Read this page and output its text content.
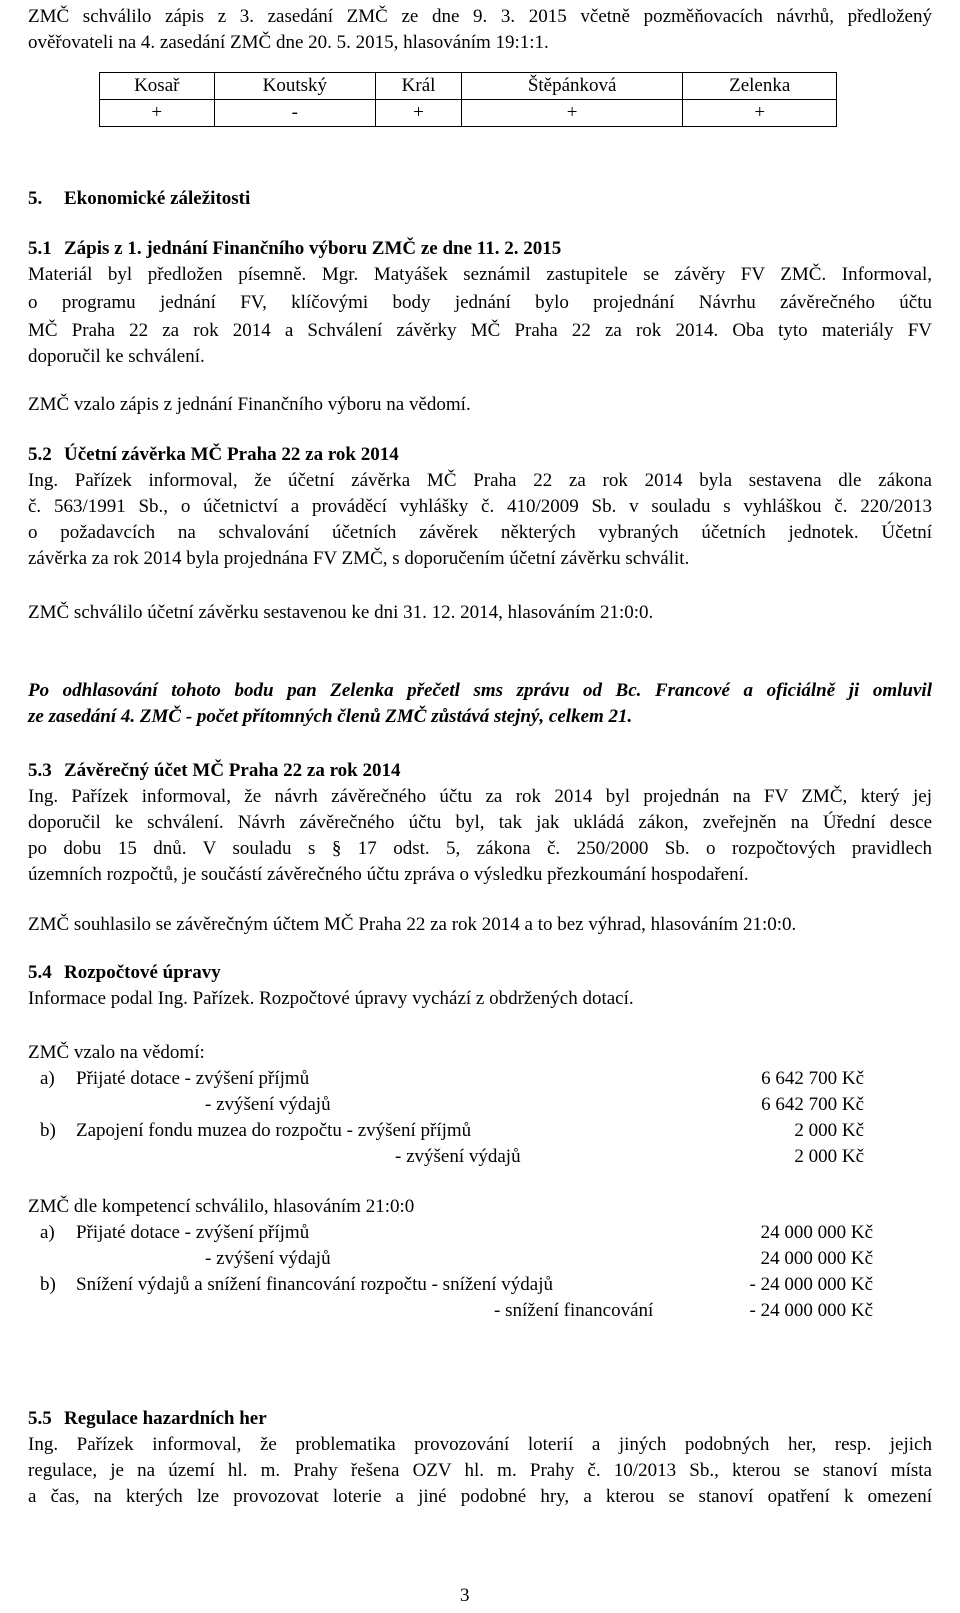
ZMČ schválilo zápis z 3. zasedání ZMČ ze dne 9. 3. 2015 včetně pozměňovacích návrhů, předložený
ověřovateli na 4. zasedání ZMČ dne 20. 5. 2015, hlasováním 19:1:1.
Kosař	Koutský	Král	Štěpánková	Zelenka
+	-	+	+	+
5. Ekonomické záležitosti
5.1 Zápis z 1. jednání Finančního výboru ZMČ ze dne 11. 2. 2015
Materiál byl předložen písemně. Mgr. Matyášek seznámil zastupitele se závěry FV ZMČ. Informoval,
o programu jednání FV, klíčovými body jednání bylo projednání Návrhu závěrečného účtu
MČ Praha 22 za rok 2014 a Schválení závěrky MČ Praha 22 za rok 2014. Oba tyto materiály FV
doporučil ke schválení.
ZMČ vzalo zápis z jednání Finančního výboru na vědomí.
5.2 Účetní závěrka MČ Praha 22 za rok 2014
Ing. Pařízek informoval, že účetní závěrka MČ Praha 22 za rok 2014 byla sestavena dle zákona
č. 563/1991 Sb., o účetnictví a prováděcí vyhlášky č. 410/2009 Sb. v souladu s vyhláškou č. 220/2013
o požadavcích na schvalování účetních závěrek některých vybraných účetních jednotek. Účetní
závěrka za rok 2014 byla projednána FV ZMČ, s doporučením účetní závěrku schválit.
ZMČ schválilo účetní závěrku sestavenou ke dni 31. 12. 2014, hlasováním 21:0:0.
Po odhlasování tohoto bodu pan Zelenka přečetl sms zprávu od Bc. Francové a oficiálně ji omluvil
ze zasedání 4. ZMČ - počet přítomných členů ZMČ zůstává stejný, celkem 21.
5.3 Závěrečný účet MČ Praha 22 za rok 2014
Ing. Pařízek informoval, že návrh závěrečného účtu za rok 2014 byl projednán na FV ZMČ, který jej
doporučil ke schválení. Návrh závěrečného účtu byl, tak jak ukládá zákon, zveřejněn na Úřední desce
po dobu 15 dnů. V souladu s § 17 odst. 5, zákona č. 250/2000 Sb. o rozpočtových pravidlech
územních rozpočtů, je součástí závěrečného účtu zpráva o výsledku přezkoumání hospodaření.
ZMČ souhlasilo se závěrečným účtem MČ Praha 22 za rok 2014 a to bez výhrad, hlasováním 21:0:0.
5.4 Rozpočtové úpravy
Informace podal Ing. Pařízek. Rozpočtové úpravy vychází z obdržených dotací.
ZMČ vzalo na vědomí:
a) Přijaté dotace - zvýšení příjmů	6 642 700 Kč
- zvýšení výdajů	6 642 700 Kč
b) Zapojení fondu muzea do rozpočtu - zvýšení příjmů	2 000 Kč
- zvýšení výdajů	2 000 Kč
ZMČ dle kompetencí schválilo, hlasováním 21:0:0
a) Přijaté dotace - zvýšení příjmů	24 000 000 Kč
- zvýšení výdajů	24 000 000 Kč
b) Snížení výdajů a snížení financování rozpočtu - snížení výdajů	- 24 000 000 Kč
- snížení financování	- 24 000 000 Kč
5.5 Regulace hazardních her
Ing. Pařízek informoval, že problematika provozování loterií a jiných podobných her, resp. jejich
regulace, je na území hl. m. Prahy řešena OZV hl. m. Prahy č. 10/2013 Sb., kterou se stanoví místa
a čas, na kterých lze provozovat loterie a jiné podobné hry, a kterou se stanoví opatření k omezení
3
